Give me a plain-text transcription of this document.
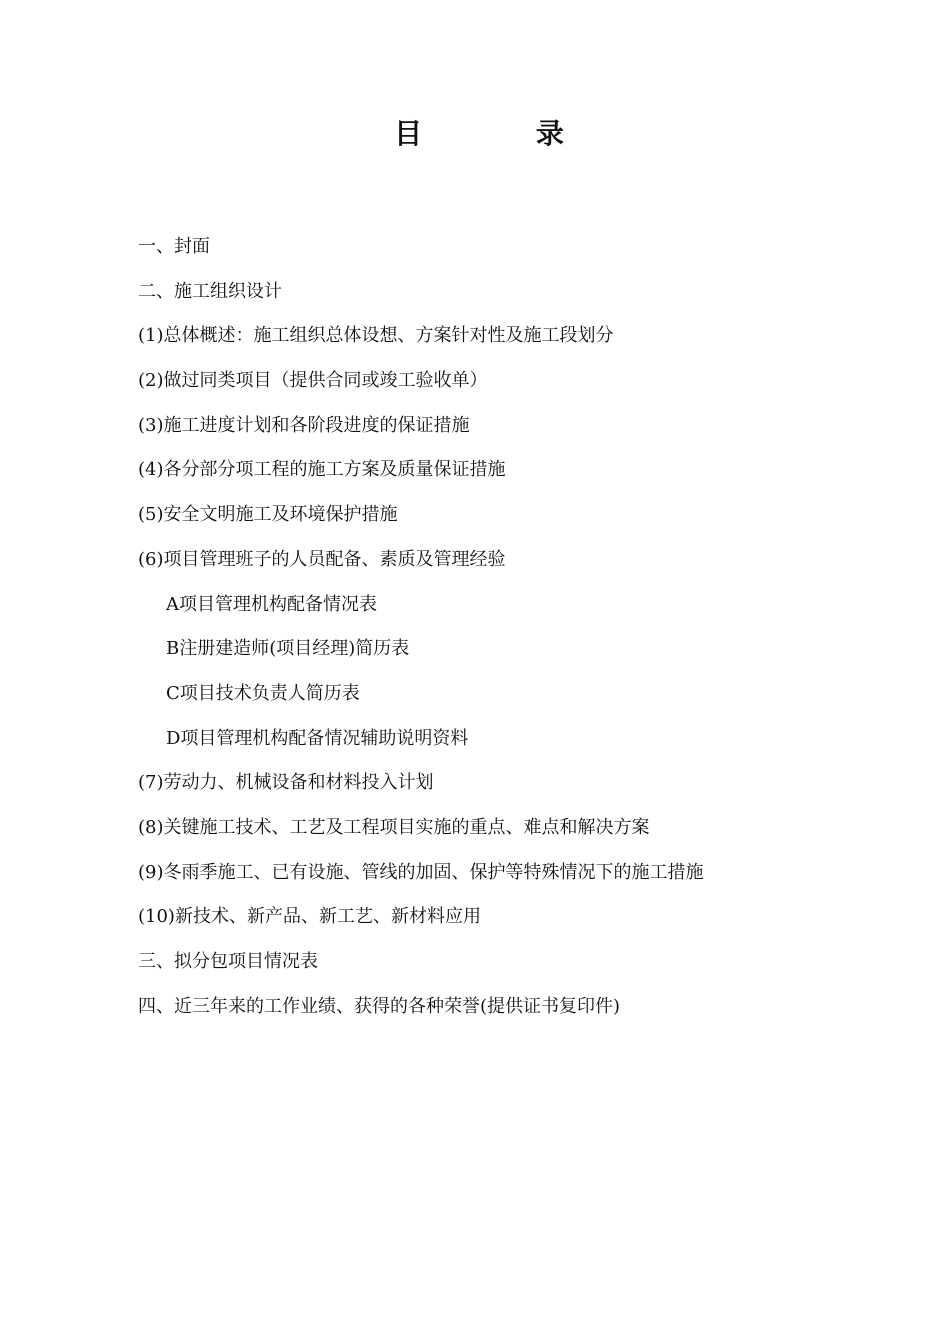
目 录
一、封面
二、施工组织设计
(1)总体概述：施工组织总体设想、方案针对性及施工段划分
(2)做过同类项目（提供合同或竣工验收单）
(3)施工进度计划和各阶段进度的保证措施
(4)各分部分项工程的施工方案及质量保证措施
(5)安全文明施工及环境保护措施
(6)项目管理班子的人员配备、素质及管理经验
A项目管理机构配备情况表
B注册建造师(项目经理)简历表
C项目技术负责人简历表
D项目管理机构配备情况辅助说明资料
(7)劳动力、机械设备和材料投入计划
(8)关键施工技术、工艺及工程项目实施的重点、难点和解决方案
(9)冬雨季施工、已有设施、管线的加固、保护等特殊情况下的施工措施
(10)新技术、新产品、新工艺、新材料应用
三、拟分包项目情况表
四、近三年来的工作业绩、获得的各种荣誉(提供证书复印件)
